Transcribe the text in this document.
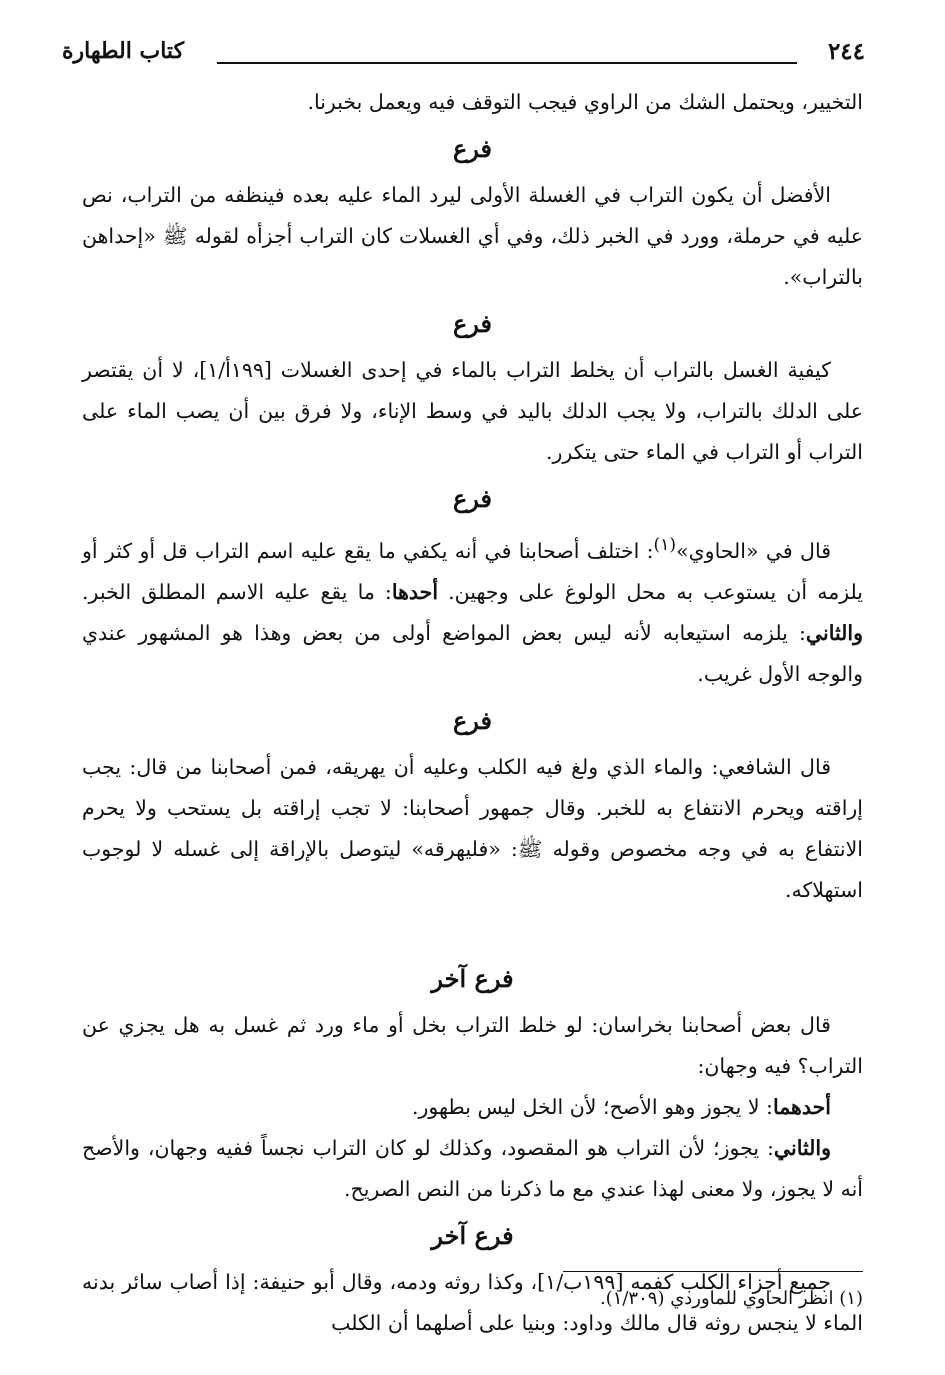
٢٤٤
كتاب الطهارة

التخيير، ويحتمل الشك من الراوي فيجب التوقف فيه ويعمل بخبرنا.

فرع

الأفضل أن يكون التراب في الغسلة الأولى ليرد الماء عليه بعده فينظفه من التراب، نص عليه في حرملة، وورد في الخبر ذلك، وفي أي الغسلات كان التراب أجزأه لقوله ﷺ «إحداهن بالتراب».

فرع

كيفية الغسل بالتراب أن يخلط التراب بالماء في إحدى الغسلات [١٩٩أ/١]، لا أن يقتصر على الدلك بالتراب، ولا يجب الدلك باليد في وسط الإناء، ولا فرق بين أن يصب الماء على التراب أو التراب في الماء حتى يتكرر.

فرع

قال في «الحاوي»$^{(١)}$: اختلف أصحابنا في أنه يكفي ما يقع عليه اسم التراب قل أو كثر أو يلزمه أن يستوعب به محل الولوغ على وجهين. أحدها: ما يقع عليه الاسم المطلق الخبر. والثاني: يلزمه استيعابه لأنه ليس بعض المواضع أولى من بعض وهذا هو المشهور عندي والوجه الأول غريب.

فرع

قال الشافعي: والماء الذي ولغ فيه الكلب وعليه أن يهريقه، فمن أصحابنا من قال: يجب إراقته ويحرم الانتفاع به للخبر. وقال جمهور أصحابنا: لا تجب إراقته بل يستحب ولا يحرم الانتفاع به في وجه مخصوص وقوله ﷺ: «فليهرقه» ليتوصل بالإراقة إلى غسله لا لوجوب استهلاكه.

فرع آخر

قال بعض أصحابنا بخراسان: لو خلط التراب بخل أو ماء ورد ثم غسل به هل يجزي عن التراب؟ فيه وجهان:

أحدهما: لا يجوز وهو الأصح؛ لأن الخل ليس بطهور.

والثاني: يجوز؛ لأن التراب هو المقصود، وكذلك لو كان التراب نجساً ففيه وجهان، والأصح أنه لا يجوز، ولا معنى لهذا عندي مع ما ذكرنا من النص الصريح.

فرع آخر

جميع أجزاء الكلب كفمه [١٩٩ب/١]، وكذا روثه ودمه، وقال أبو حنيفة: إذا أصاب سائر بدنه الماء لا ينجس روثه قال مالك وداود: وبنيا على أصلهما أن الكلب

(١) انظر الحاوي للماوردي (١/٣٠٩).
